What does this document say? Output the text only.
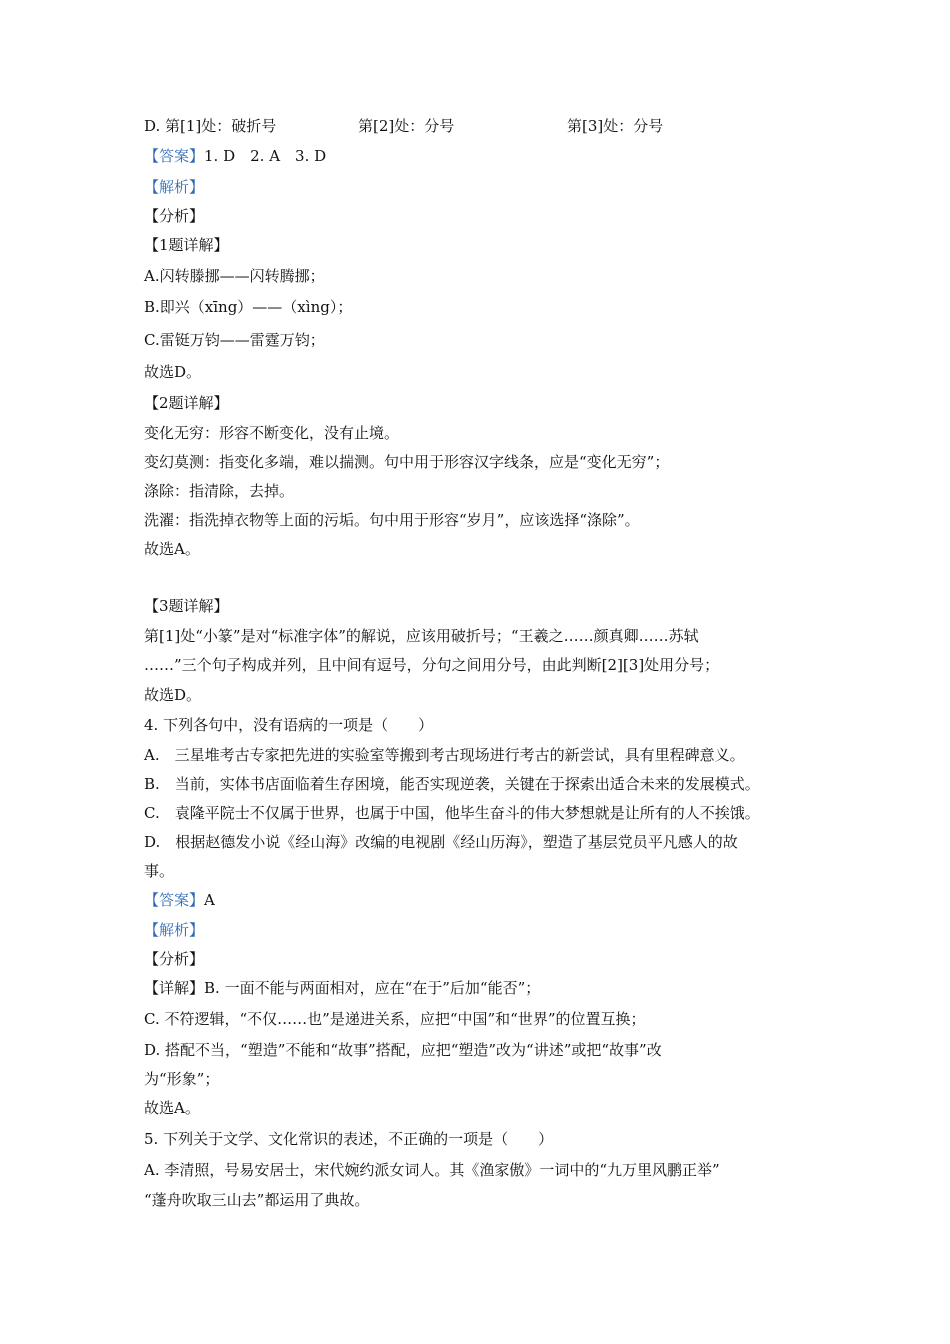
D. 第[1]处：破折号	第[2]处：分号	第[3]处：分号
【答案】1. D　2. A　3. D
【解析】
【分析】
【1题详解】
A.闪转滕挪——闪转腾挪；
B.即兴（xīng）——（xìng）；
C.雷铤万钧——雷霆万钧；
故选D。
【2题详解】
变化无穷：形容不断变化，没有止境。
变幻莫测：指变化多端，难以揣测。句中用于形容汉字线条，应是“变化无穷”；
涤除：指清除，去掉。
洗濯：指洗掉衣物等上面的污垢。句中用于形容“岁月”，应该选择“涤除”。
故选A。
【3题详解】
第[1]处“小篆”是对“标准字体”的解说，应该用破折号；“王羲之……颜真卿……苏轼
……”三个句子构成并列，且中间有逗号，分句之间用分号，由此判断[2][3]处用分号；
故选D。
4. 下列各句中，没有语病的一项是（　　）
A.　三星堆考古专家把先进的实验室等搬到考古现场进行考古的新尝试，具有里程碑意义。
B.　当前，实体书店面临着生存困境，能否实现逆袭，关键在于探索出适合未来的发展模式。
C.　袁隆平院士不仅属于世界，也属于中国，他毕生奋斗的伟大梦想就是让所有的人不挨饿。
D.　根据赵德发小说《经山海》改编的电视剧《经山历海》，塑造了基层党员平凡感人的故
事。
【答案】A
【解析】
【分析】
【详解】B. 一面不能与两面相对，应在“在于”后加“能否”；
C. 不符逻辑，“不仅……也”是递进关系，应把“中国”和“世界”的位置互换；
D. 搭配不当，“塑造”不能和“故事”搭配，应把“塑造”改为“讲述”或把“故事”改
为“形象”；
故选A。
5. 下列关于文学、文化常识的表述，不正确的一项是（　　）
A. 李清照，号易安居士，宋代婉约派女词人。其《渔家傲》一词中的“九万里风鹏正举”
“蓬舟吹取三山去”都运用了典故。
